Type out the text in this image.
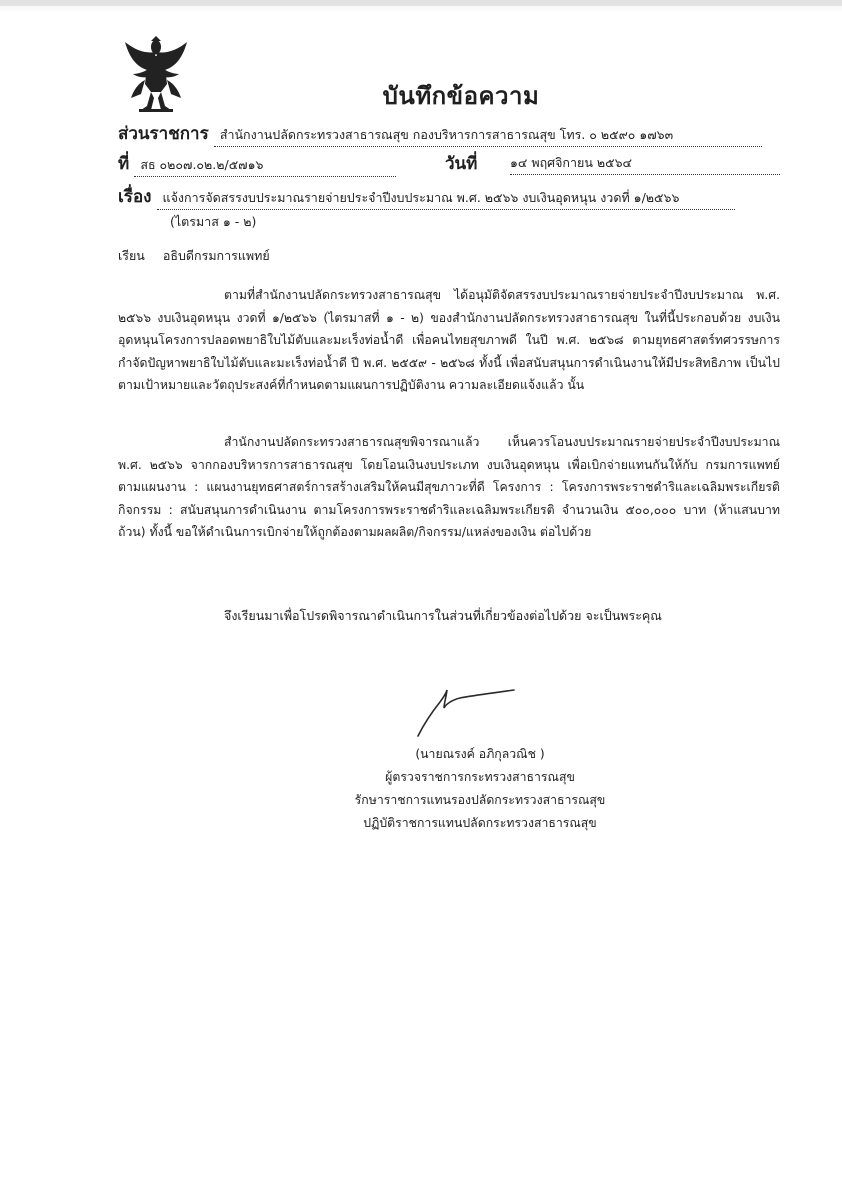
บันทึกข้อความ
ส่วนราชการ สำนักงานปลัดกระทรวงสาธารณสุข กองบริหารการสาธารณสุข โทร. ๐ ๒๕๙๐ ๑๗๖๓
ที่ สธ ๐๒๐๗.๐๒.๒/๕๗๑๖	วันที่	๑๔ พฤศจิกายน ๒๕๖๔
เรื่อง แจ้งการจัดสรรงบประมาณรายจ่ายประจำปีงบประมาณ พ.ศ. ๒๕๖๖ งบเงินอุดหนุน งวดที่ ๑/๒๕๖๖
(ไตรมาส ๑ - ๒)
เรียน อธิบดีกรมการแพทย์

ตามที่สำนักงานปลัดกระทรวงสาธารณสุข ได้อนุมัติจัดสรรงบประมาณรายจ่ายประจำปีงบประมาณ พ.ศ. ๒๕๖๖ งบเงินอุดหนุน งวดที่ ๑/๒๕๖๖ (ไตรมาสที่ ๑ - ๒) ของสำนักงานปลัดกระทรวงสาธารณสุข ในที่นี้ประกอบด้วย งบเงินอุดหนุนโครงการปลอดพยาธิใบไม้ตับและมะเร็งท่อน้ำดี เพื่อคนไทยสุขภาพดี ในปี พ.ศ. ๒๕๖๘ ตามยุทธศาสตร์ทศวรรษการกำจัดปัญหาพยาธิใบไม้ตับและมะเร็งท่อน้ำดี ปี พ.ศ. ๒๕๕๙ - ๒๕๖๘ ทั้งนี้ เพื่อสนับสนุนการดำเนินงานให้มีประสิทธิภาพ เป็นไปตามเป้าหมายและวัตถุประสงค์ที่กำหนดตามแผนการปฏิบัติงาน ความละเอียดแจ้งแล้ว นั้น

สำนักงานปลัดกระทรวงสาธารณสุขพิจารณาแล้ว เห็นควรโอนงบประมาณรายจ่ายประจำปีงบประมาณ พ.ศ. ๒๕๖๖ จากกองบริหารการสาธารณสุข โดยโอนเงินงบประเภท งบเงินอุดหนุน เพื่อเบิกจ่ายแทนกันให้กับ กรมการแพทย์ ตามแผนงาน : แผนงานยุทธศาสตร์การสร้างเสริมให้คนมีสุขภาวะที่ดี โครงการ : โครงการพระราชดำริและเฉลิมพระเกียรติ กิจกรรม : สนับสนุนการดำเนินงาน ตามโครงการพระราชดำริและเฉลิมพระเกียรติ จำนวนเงิน ๕๐๐,๐๐๐ บาท (ห้าแสนบาทถ้วน) ทั้งนี้ ขอให้ดำเนินการเบิกจ่ายให้ถูกต้องตามผลผลิต/กิจกรรม/แหล่งของเงิน ต่อไปด้วย

จึงเรียนมาเพื่อโปรดพิจารณาดำเนินการในส่วนที่เกี่ยวข้องต่อไปด้วย จะเป็นพระคุณ
(นายณรงค์ อภิกุลวณิช )
ผู้ตรวจราชการกระทรวงสาธารณสุข
รักษาราชการแทนรองปลัดกระทรวงสาธารณสุข
ปฏิบัติราชการแทนปลัดกระทรวงสาธารณสุข
